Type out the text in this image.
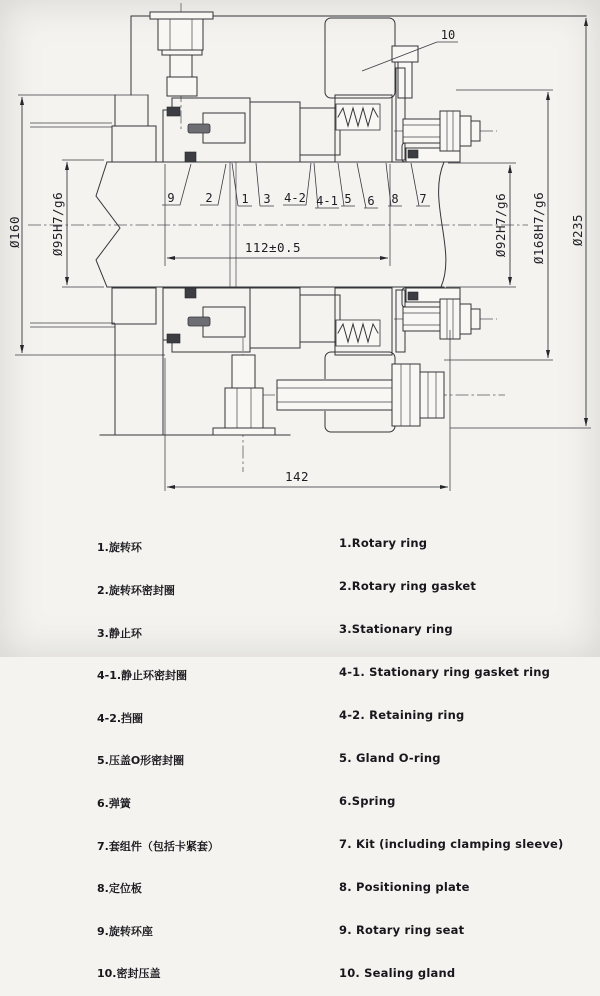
Ø160 Ø95H7/g6	Ø92H7/g6 Ø168H7/g6 Ø235
112±0.5
142
9	2 1 3 4-2 4-1 5 6 8 7
10

1.旋转环

2.旋转环密封圈

3.静止环

4-1.静止环密封圈

4-2.挡圈

5.压盖O形密封圈

6.弹簧

7.套组件（包括卡紧套）

8.定位板

9.旋转环座

10.密封压盖

1.Rotary ring

2.Rotary ring gasket

3.Stationary ring

4-1. Stationary ring gasket ring

4-2. Retaining ring

5. Gland O-ring

6.Spring

7. Kit (including clamping sleeve)

8. Positioning plate

9. Rotary ring seat

10. Sealing gland
